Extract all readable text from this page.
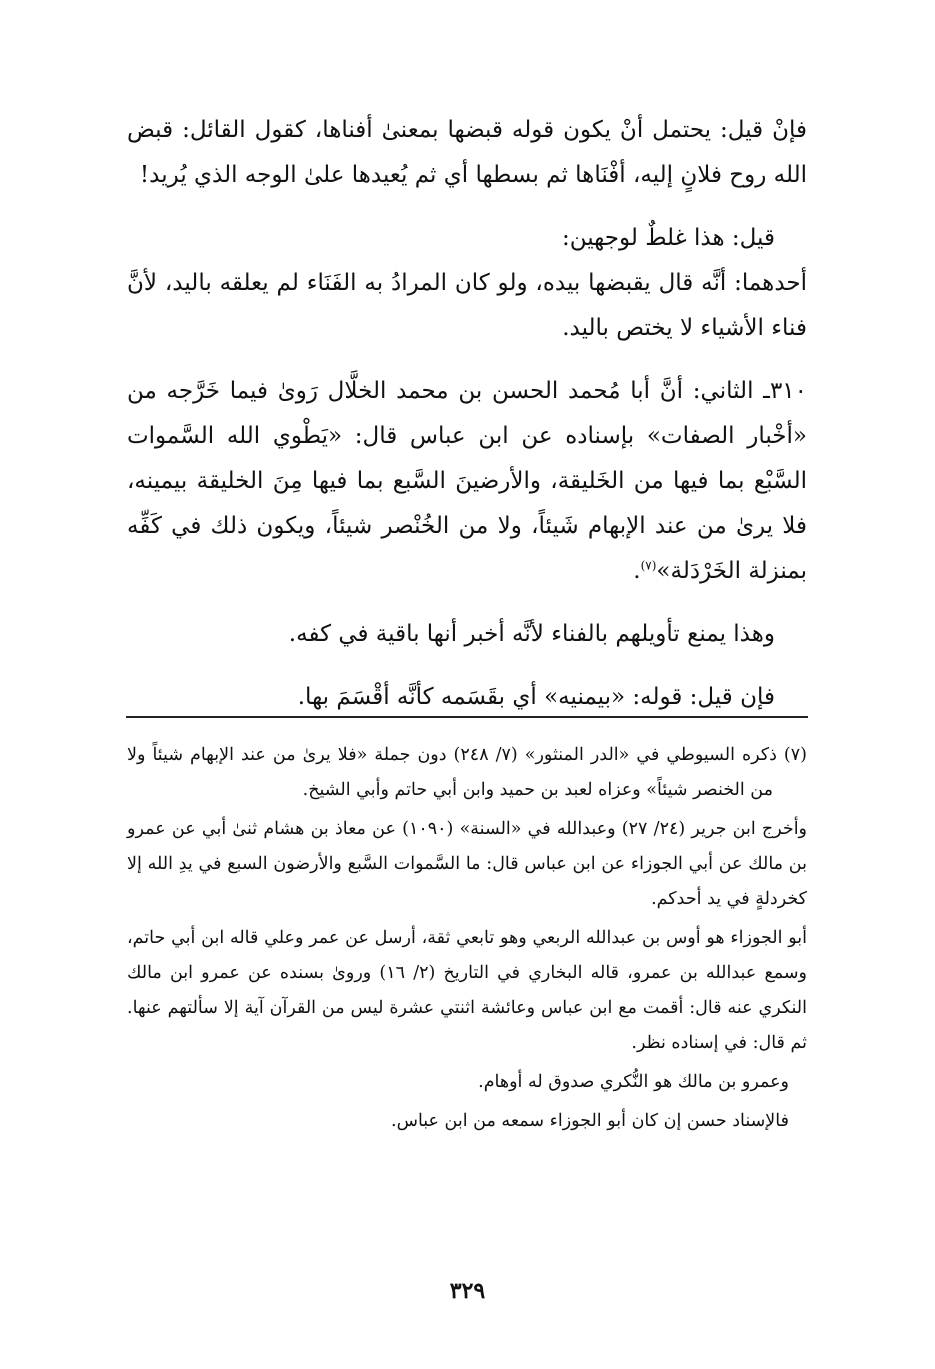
فإنْ قيل: يحتمل أنْ يكون قوله قبضها بمعنىٰ أفناها، كقول القائل: قبض الله روح فلانٍ إليه، أفْنَاها ثم بسطها أي ثم يُعيدها علىٰ الوجه الذي يُريد!

قيل: هذا غلطٌ لوجهين:

أحدهما: أنَّه قال يقبضها بيده، ولو كان المرادُ به الفَنَاء لم يعلقه باليد، لأنَّ فناء الأشياء لا يختص باليد.

٣١٠ـ الثاني: أنَّ أبا مُحمد الحسن بن محمد الخلَّال رَوىٰ فيما خَرَّجه من «أخْبار الصفات» بإسناده عن ابن عباس قال: «يَطْوي الله السَّموات السَّبْع بما فيها من الخَليقة، والأرضينَ السَّبع بما فيها مِنَ الخليقة بيمينه، فلا يرىٰ من عند الإبهام شَيئاً، ولا من الخُنْصر شيئاً، ويكون ذلك في كَفِّه بمنزلة الخَرْدَلة»$^{(٧)}$.

وهذا يمنع تأويلهم بالفناء لأنَّه أخبر أنها باقية في كفه.

فإن قيل: قوله: «بيمنيه» أي بقَسَمه كأنَّه أقْسَمَ بها.

(٧) ذكره السيوطي في «الدر المنثور» (٧/ ٢٤٨) دون جملة «فلا يرىٰ من عند الإبهام شيئاً ولا من الخنصر شيئاً» وعزاه لعبد بن حميد وابن أبي حاتم وأبي الشيخ.

وأخرج ابن جرير (٢٤/ ٢٧) وعبدالله في «السنة» (١٠٩٠) عن معاذ بن هشام ثنىٰ أبي عن عمرو بن مالك عن أبي الجوزاء عن ابن عباس قال: ما السَّموات السَّبع والأرضون السبع في يدِ الله إلا كخردلةٍ في يد أحدكم.

أبو الجوزاء هو أوس بن عبدالله الربعي وهو تابعي ثقة، أرسل عن عمر وعلي قاله ابن أبي حاتم، وسمع عبدالله بن عمرو، قاله البخاري في التاريخ (٢/ ١٦) ورویٰ بسنده عن عمرو ابن مالك النكري عنه قال: أقمت مع ابن عباس وعائشة اثنتي عشرة ليس من القرآن آية إلا سألتهم عنها. ثم قال: في إسناده نظر.

وعمرو بن مالك هو النُّكري صدوق له أوهام.

فالإسناد حسن إن كان أبو الجوزاء سمعه من ابن عباس.

٣٢٩
